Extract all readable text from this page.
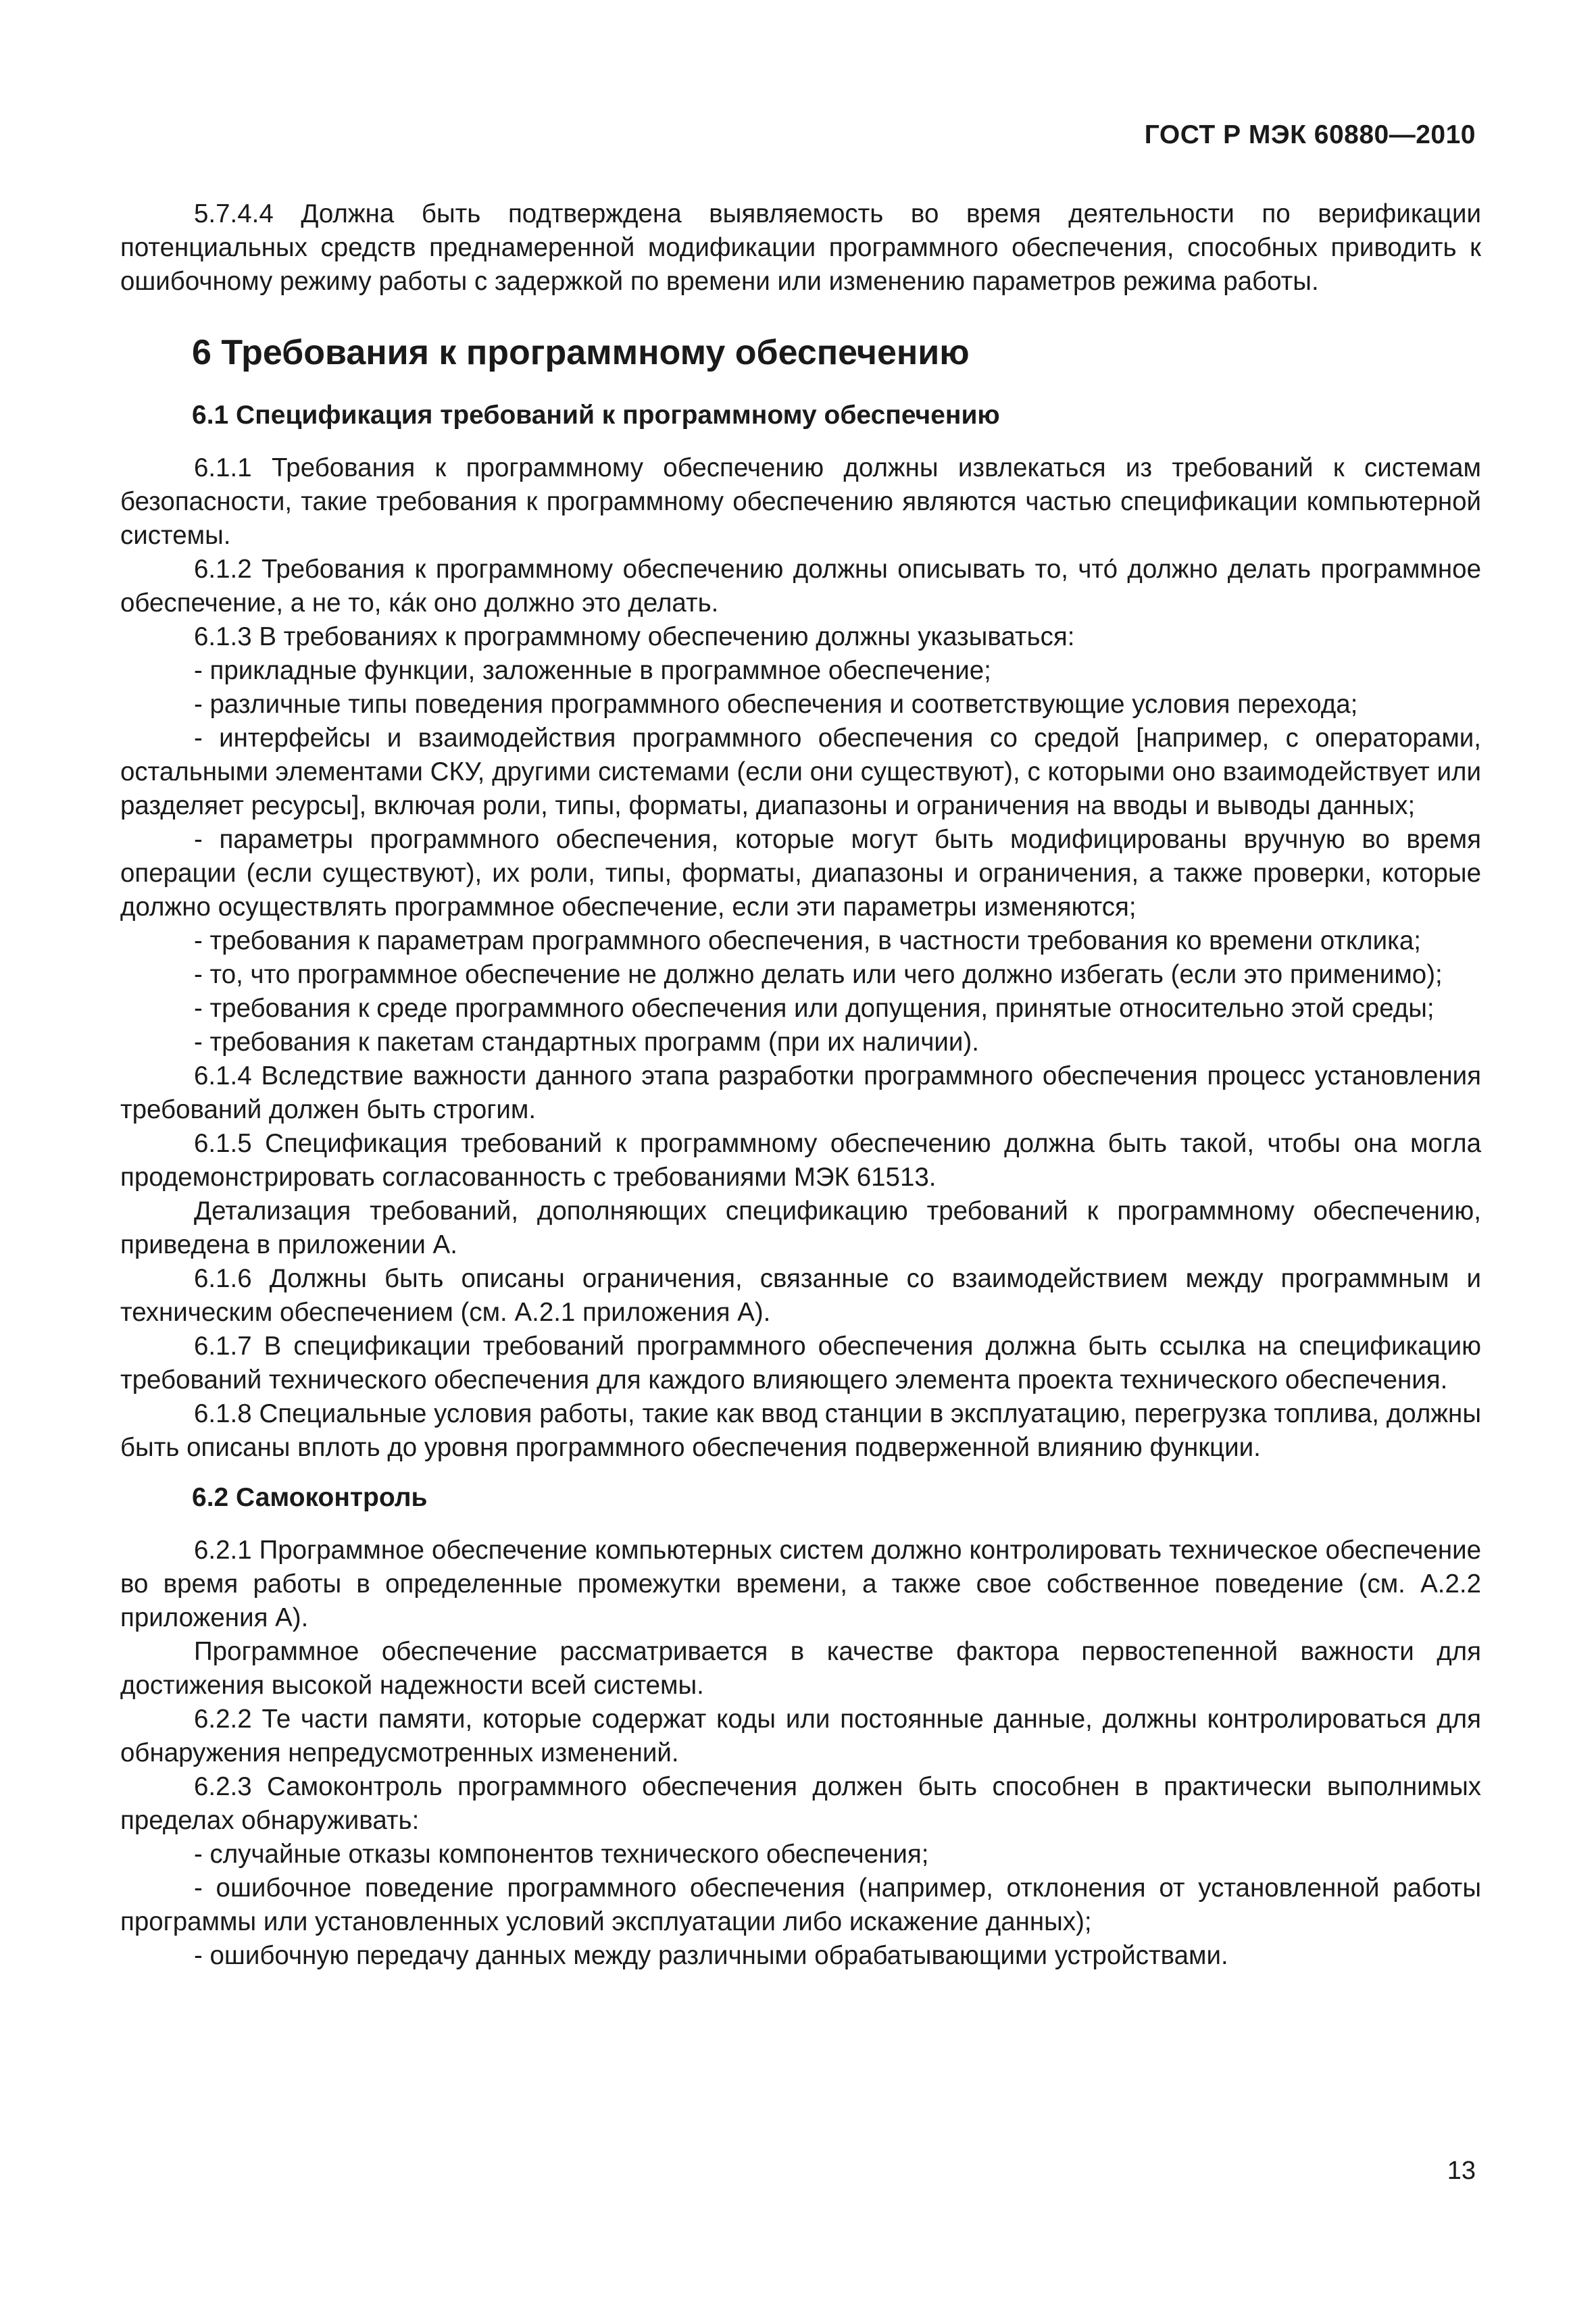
ГОСТ Р МЭК 60880—2010

5.7.4.4 Должна быть подтверждена выявляемость во время деятельности по верификации потенциальных средств преднамеренной модификации программного обеспечения, способных приводить к ошибочному режиму работы с задержкой по времени или изменению параметров режима работы.

6 Требования к программному обеспечению
6.1 Спецификация требований к программному обеспечению

6.1.1 Требования к программному обеспечению должны извлекаться из требований к системам безопасности, такие требования к программному обеспечению являются частью спецификации компьютерной системы.

6.1.2 Требования к программному обеспечению должны описывать то, что́ должно делать программное обеспечение, а не то, ка́к оно должно это делать.

6.1.3 В требованиях к программному обеспечению должны указываться:

- прикладные функции, заложенные в программное обеспечение;

- различные типы поведения программного обеспечения и соответствующие условия перехода;

- интерфейсы и взаимодействия программного обеспечения со средой [например, с операторами, остальными элементами СКУ, другими системами (если они существуют), с которыми оно взаимодействует или разделяет ресурсы], включая роли, типы, форматы, диапазоны и ограничения на вводы и выводы данных;

- параметры программного обеспечения, которые могут быть модифицированы вручную во время операции (если существуют), их роли, типы, форматы, диапазоны и ограничения, а также проверки, которые должно осуществлять программное обеспечение, если эти параметры изменяются;

- требования к параметрам программного обеспечения, в частности требования ко времени отклика;

- то, что программное обеспечение не должно делать или чего должно избегать (если это применимо);

- требования к среде программного обеспечения или допущения, принятые относительно этой среды;

- требования к пакетам стандартных программ (при их наличии).

6.1.4 Вследствие важности данного этапа разработки программного обеспечения процесс установления требований должен быть строгим.

6.1.5 Спецификация требований к программному обеспечению должна быть такой, чтобы она могла продемонстрировать согласованность с требованиями МЭК 61513.

Детализация требований, дополняющих спецификацию требований к программному обеспечению, приведена в приложении А.

6.1.6 Должны быть описаны ограничения, связанные со взаимодействием между программным и техническим обеспечением (см. А.2.1 приложения А).

6.1.7 В спецификации требований программного обеспечения должна быть ссылка на спецификацию требований технического обеспечения для каждого влияющего элемента проекта технического обеспечения.

6.1.8 Специальные условия работы, такие как ввод станции в эксплуатацию, перегрузка топлива, должны быть описаны вплоть до уровня программного обеспечения подверженной влиянию функции.

6.2 Самоконтроль

6.2.1 Программное обеспечение компьютерных систем должно контролировать техническое обеспечение во время работы в определенные промежутки времени, а также свое собственное поведение (см. А.2.2 приложения А).

Программное обеспечение рассматривается в качестве фактора первостепенной важности для достижения высокой надежности всей системы.

6.2.2 Те части памяти, которые содержат коды или постоянные данные, должны контролироваться для обнаружения непредусмотренных изменений.

6.2.3 Самоконтроль программного обеспечения должен быть способнен в практически выполнимых пределах обнаруживать:

- случайные отказы компонентов технического обеспечения;

- ошибочное поведение программного обеспечения (например, отклонения от установленной работы программы или установленных условий эксплуатации либо искажение данных);

- ошибочную передачу данных между различными обрабатывающими устройствами.

13
